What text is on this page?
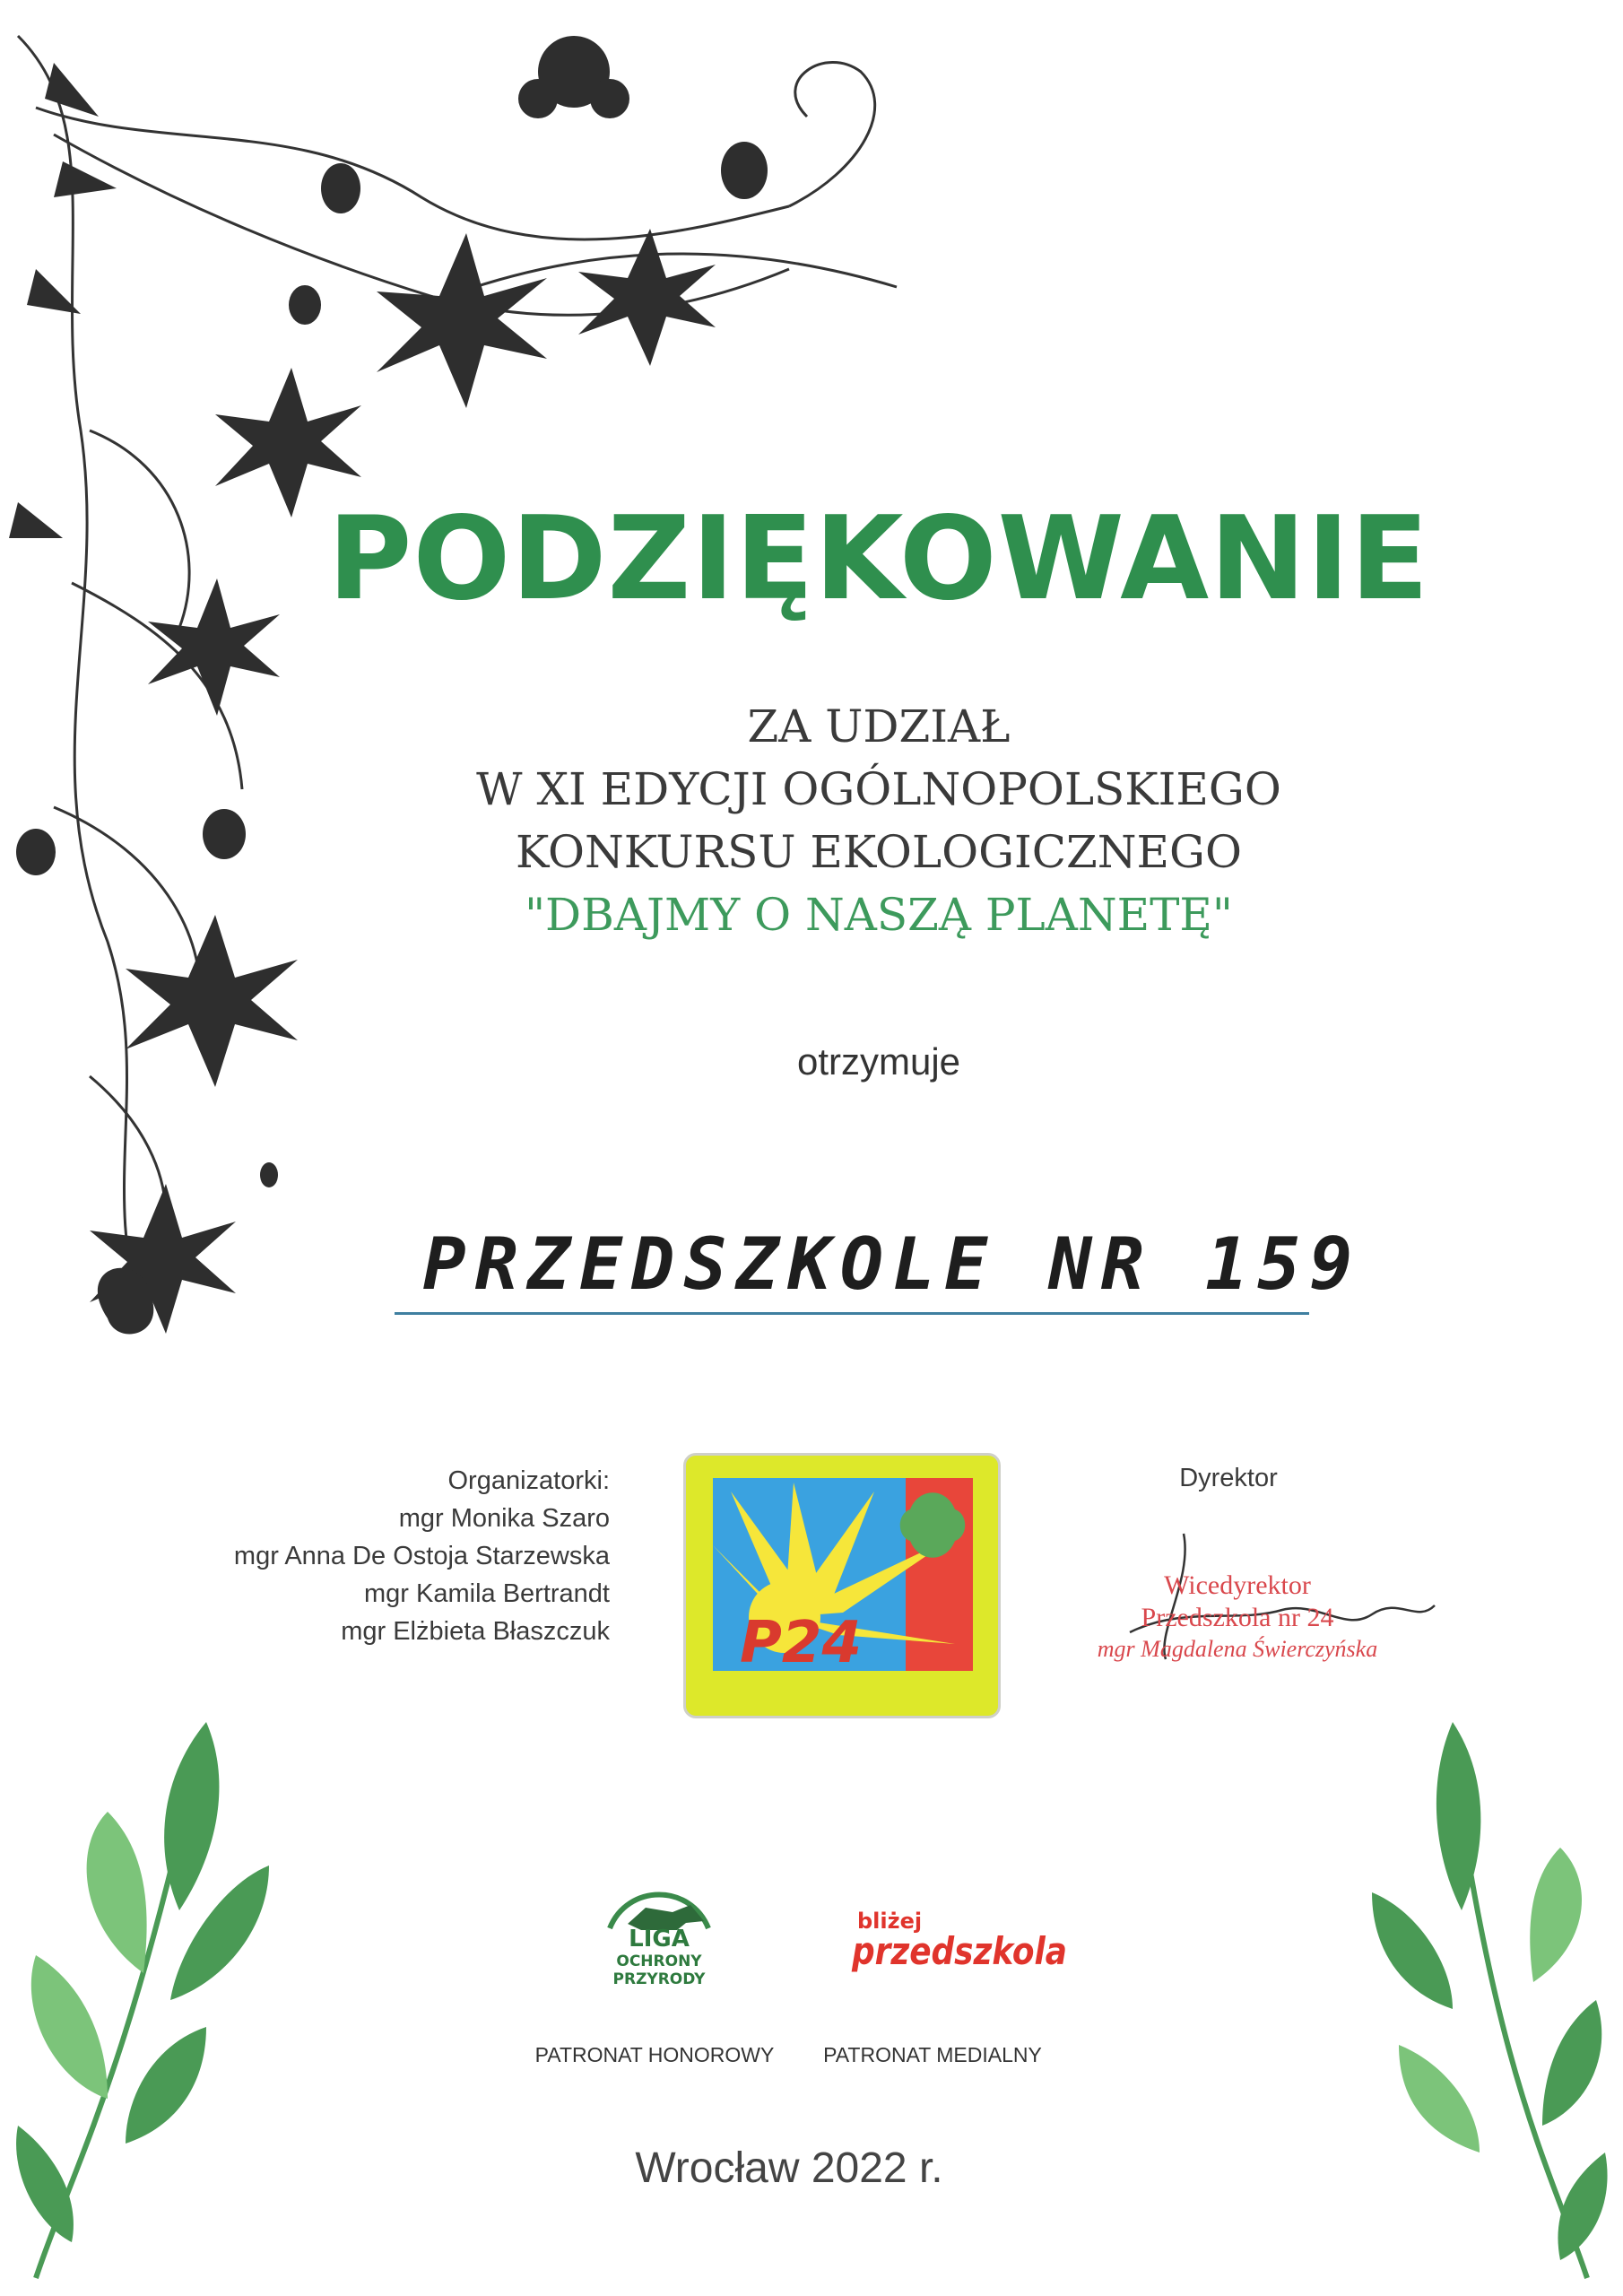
PODZIĘKOWANIE
ZA UDZIAŁ
W XI EDYCJI OGÓLNOPOLSKIEGO
KONKURSU EKOLOGICZNEGO
"DBAJMY O NASZĄ PLANETĘ"
otrzymuje
PRZEDSZKOLE NR 159
Organizatorki:
mgr Monika Szaro
mgr Anna De Ostoja Starzewska
mgr Kamila Bertrandt
mgr Elżbieta Błaszczuk P24
Dyrektor
Wicedyrektor
Przedszkola nr 24
mgr Magdalena Świerczyńska
LIGA
OCHRONY
PRZYRODY
bliżej
przedszkola
PATRONAT HONOROWY	PATRONAT MEDIALNY
Wrocław 2022 r.
